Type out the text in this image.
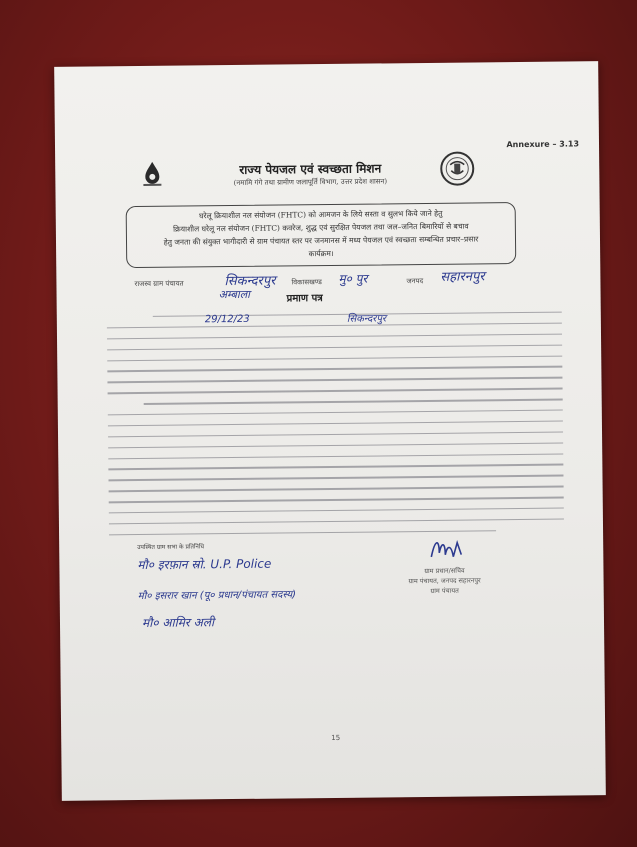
Annexure – 3.13
राज्य पेयजल एवं स्वच्छता मिशन
(नमामि गंगे तथा ग्रामीण जलापूर्ति विभाग, उत्तर प्रदेश शासन)
घरेलू क्रियाशील नल संयोजन (FHTC) को आमजन के लिये सस्ता व सुलभ किये जाने हेतु
क्रियाशील घरेलू नल संयोजन (FHTC) कवरेज, शुद्ध एवं सुरक्षित पेयजल तथा जल–जनित बिमारियों से बचाव
हेतु जनता की संयुक्त भागीदारी से ग्राम पंचायत स्तर पर जनमानस में मध्य पेयजल एवं स्वच्छता सम्बन्धित प्रचार–प्रसार
कार्यक्रम।
राजस्व ग्राम पंचायत	सिकन्दरपुर
अम्बाला
विकासखण्ड मु० पुर	जनपद सहारनपुर
प्रमाण पत्र
29/12/23	सिकन्दरपुर
उपस्थित ग्राम सभा के प्रतिनिधि
मौ० इरफ़ान स्रो. U.P. Police
मौ० इसरार खान (पू० प्रधान/पंचायत सदस्य)
मौ० आमिर अली
ग्राम प्रधान/सचिव
ग्राम पंचायत, जनपद सहारनपुर
ग्राम पंचायत
15
